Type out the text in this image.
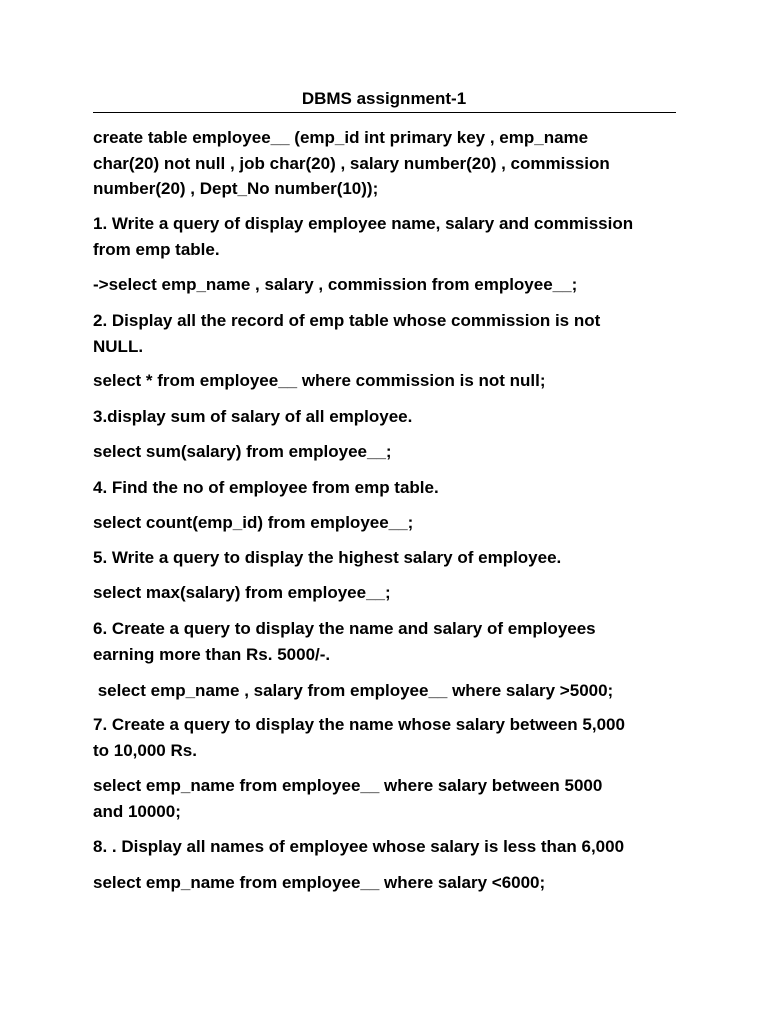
DBMS assignment-1
create table employee__ (emp_id int primary key , emp_name
char(20) not null , job char(20) , salary number(20) , commission
number(20) , Dept_No number(10));
1. Write a query of display employee name, salary and commission
from emp table.
->select emp_name , salary , commission from employee__;
2. Display all the record of emp table whose commission is not
NULL.
select * from employee__ where commission is not null;
3.display sum of salary of all employee.
select sum(salary) from employee__;
4. Find the no of employee from emp table.
select count(emp_id) from employee__;
5. Write a query to display the highest salary of employee.
select max(salary) from employee__;
6. Create a query to display the name and salary of employees
earning more than Rs. 5000/-.
select emp_name , salary from employee__ where salary >5000;
7. Create a query to display the name whose salary between 5,000
to 10,000 Rs.
select emp_name from employee__ where salary between 5000
and 10000;
8. . Display all names of employee whose salary is less than 6,000
select emp_name from employee__ where salary <6000;
